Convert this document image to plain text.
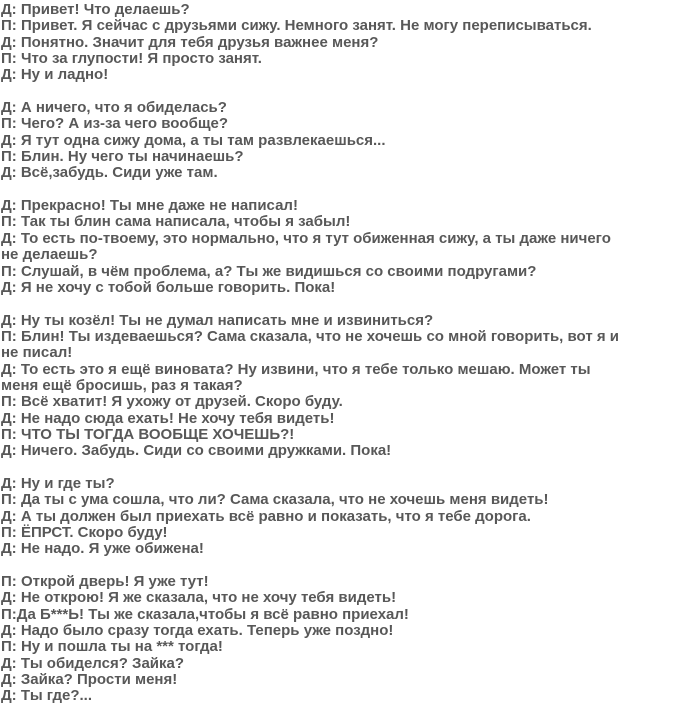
Д: Привет! Что делаешь?
П: Привет. Я сейчас с друзьями сижу. Немного занят. Не могу переписываться.
Д: Понятно. Значит для тебя друзья важнее меня?
П: Что за глупости! Я просто занят.
Д: Ну и ладно!
Д: А ничего, что я обиделась?
П: Чего? А из-за чего вообще?
Д: Я тут одна сижу дома, а ты там развлекаешься...
П: Блин. Ну чего ты начинаешь?
Д: Всё,забудь. Сиди уже там.
Д: Прекрасно! Ты мне даже не написал!
П: Так ты блин сама написала, чтобы я забыл!
Д: То есть по-твоему, это нормально, что я тут обиженная сижу, а ты даже ничего
не делаешь?
П: Слушай, в чём проблема, а? Ты же видишься со своими подругами?
Д: Я не хочу с тобой больше говорить. Пока!
Д: Ну ты козёл! Ты не думал написать мне и извиниться?
П: Блин! Ты издеваешься? Сама сказала, что не хочешь со мной говорить, вот я и
не писал!
Д: То есть это я ещё виновата? Ну извини, что я тебе только мешаю. Может ты
меня ещё бросишь, раз я такая?
П: Всё хватит! Я ухожу от друзей. Скоро буду.
Д: Не надо сюда ехать! Не хочу тебя видеть!
П: ЧТО ТЫ ТОГДА ВООБЩЕ ХОЧЕШЬ?!
Д: Ничего. Забудь. Сиди со своими дружками. Пока!
Д: Ну и где ты?
П: Да ты с ума сошла, что ли? Сама сказала, что не хочешь меня видеть!
Д: А ты должен был приехать всё равно и показать, что я тебе дорога.
П: ЁПРСТ. Скоро буду!
Д: Не надо. Я уже обижена!
П: Открой дверь! Я уже тут!
Д: Не открою! Я же сказала, что не хочу тебя видеть!
П:Да Б***Ь! Ты же сказала,чтобы я всё равно приехал!
Д: Надо было сразу тогда ехать. Теперь уже поздно!
П: Ну и пошла ты на *** тогда!
Д: Ты обиделся? Зайка?
Д: Зайка? Прости меня!
Д: Ты где?...
